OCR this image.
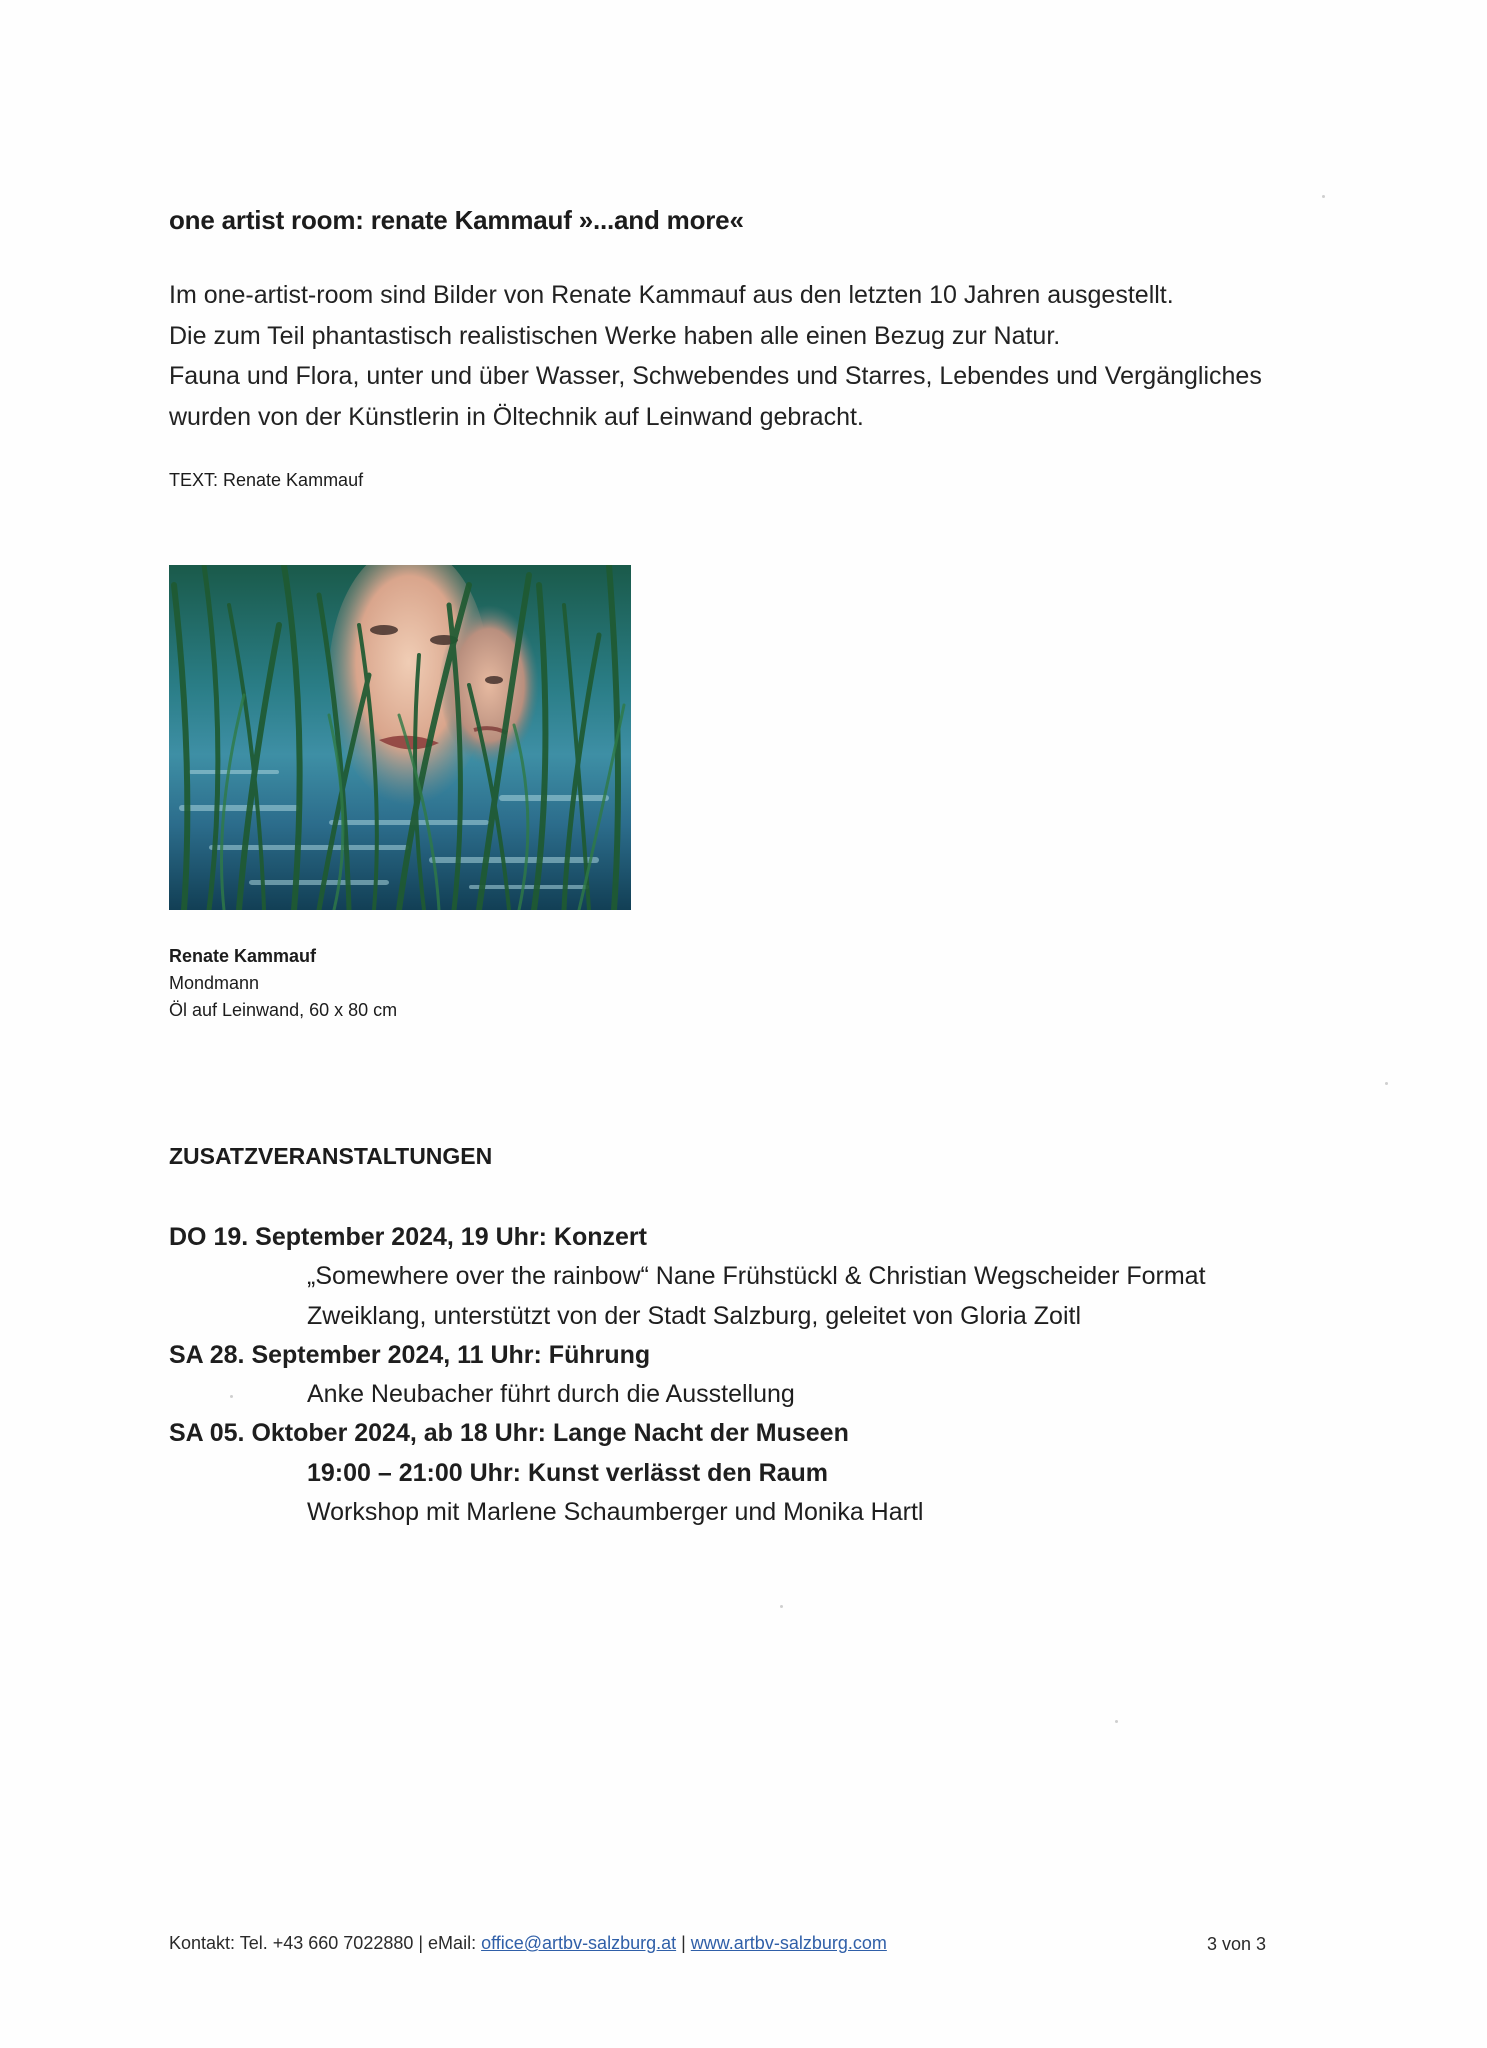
one artist room: renate Kammauf »...and more«
Im one-artist-room sind Bilder von Renate Kammauf aus den letzten 10 Jahren ausgestellt.
Die zum Teil phantastisch realistischen Werke haben alle einen Bezug zur Natur.
Fauna und Flora, unter und über Wasser, Schwebendes und Starres, Lebendes und Vergängliches
wurden von der Künstlerin in Öltechnik auf Leinwand gebracht.
TEXT: Renate Kammauf
Renate Kammauf
Mondmann
Öl auf Leinwand, 60 x 80 cm
ZUSATZVERANSTALTUNGEN
DO 19. September 2024, 19 Uhr: Konzert
„Somewhere over the rainbow“ Nane Frühstückl & Christian Wegscheider Format
Zweiklang, unterstützt von der Stadt Salzburg, geleitet von Gloria Zoitl
SA 28. September 2024, 11 Uhr: Führung
Anke Neubacher führt durch die Ausstellung
SA 05. Oktober 2024, ab 18 Uhr: Lange Nacht der Museen
19:00 – 21:00 Uhr: Kunst verlässt den Raum
Workshop mit Marlene Schaumberger und Monika Hartl
Kontakt: Tel. +43 660 7022880 | eMail: office@artbv-salzburg.at | www.artbv-salzburg.com	3 von 3
